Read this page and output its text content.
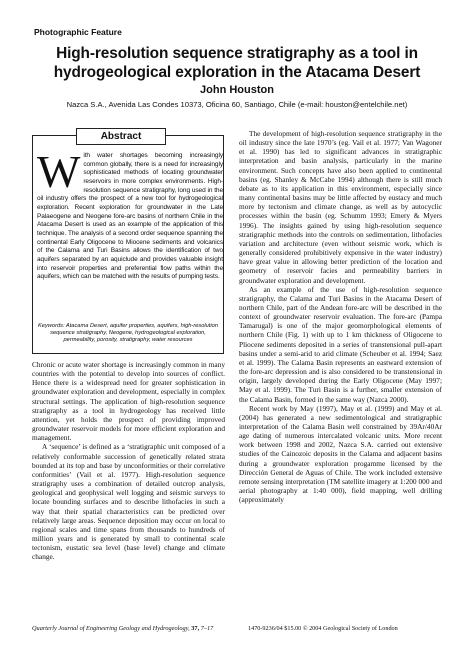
Photographic Feature
High-resolution sequence stratigraphy as a tool in hydrogeological exploration in the Atacama Desert
John Houston
Nazca S.A., Avenida Las Condes 10373, Oficina 60, Santiago, Chile (e-mail: houston@entelchile.net)
Abstract
With water shortages becoming increasingly common globally, there is a need for increasingly sophisticated methods of locating groundwater reservoirs in more complex environments. High-resolution sequence stratigraphy, long used in the oil industry offers the prospect of a new tool for hydrogeological exploration. Recent exploration for groundwater in the Late Palaeogene and Neogene fore-arc basins of northern Chile in the Atacama Desert is used as an example of the application of this technique. The analysis of a second order sequence spanning the continental Early Oligocene to Miocene sediments and volcanics of the Calama and Turi Basins allows the identification of two aquifers separated by an aquiclude and provides valuable insight into reservoir properties and preferential flow paths within the aquifers, which can be matched with the results of pumping tests.
Keywords: Atacama Desert, aquifer properties, aquifers, high-resolution sequence stratigraphy, Neogene, hydrogeological exploration, permeability, porosity, stratigraphy, water resources

Chronic or acute water shortage is increasingly common in many countries with the potential to develop into sources of conflict. Hence there is a widespread need for greater sophistication in groundwater exploration and development, especially in complex structural settings. The application of high-resolution sequence stratigraphy as a tool in hydrogeology has received little attention, yet holds the prospect of providing improved groundwater reservoir models for more efficient exploration and management.

A ‘sequence’ is defined as a ‘stratigraphic unit composed of a relatively conformable succession of genetically related strata bounded at its top and base by unconformities or their correlative conformities’ (Vail et al. 1977). High-resolution sequence stratigraphy uses a combination of detailed outcrop analysis, geological and geophysical well logging and seismic surveys to locate bounding surfaces and to describe lithofacies in such a way that their spatial characteristics can be predicted over relatively large areas. Sequence deposition may occur on local to regional scales and time spans from thousands to hundreds of million years and is generated by small to continental scale tectonism, eustatic sea level (base level) change and climate change.

The development of high-resolution sequence stratigraphy in the oil industry since the late 1970’s (eg. Vail et al. 1977; Van Wagoner et al. 1990) has led to significant advances in stratigraphic interpretation and basin analysis, particularly in the marine environment. Such concepts have also been applied to continental basins (eg. Shanley & McCabe 1994) although there is still much debate as to its application in this environment, especially since many continental basins may be little affected by eustacy and much more by tectonism and climate change, as well as by autocyclic processes within the basin (eg. Schumm 1993; Emery & Myers 1996). The insights gained by using high-resolution sequence stratigraphic methods into the controls on sedimentation, lithofacies variation and architecture (even without seismic work, which is generally considered prohibitively expensive in the water industry) have great value in allowing better prediction of the location and geometry of reservoir facies and permeability barriers in groundwater exploration and development.

As an example of the use of high-resolution sequence stratigraphy, the Calama and Turi Basins in the Atacama Desert of northern Chile, part of the Andean fore-arc will be described in the context of groundwater reservoir evaluation. The fore-arc (Pampa Tamarugal) is one of the major geomorphological elements of northern Chile (Fig. 1) with up to 1 km thickness of Oligocene to Pliocene sediments deposited in a series of transtensional pull-apart basins under a semi-arid to arid climate (Scheuber et al. 1994; Saez et al. 1999). The Calama Basin represents an eastward extension of the fore-arc depression and is also considered to be transtensional in origin, largely developed during the Early Oligocene (May 1997; May et al. 1999). The Turi Basin is a further, smaller extension of the Calama Basin, formed in the same way (Nazca 2000).

Recent work by May (1997), May et al. (1999) and May et al. (2004) has generated a new sedimentological and stratigraphic interpretation of the Calama Basin well constrained by 39Ar/40Ar age dating of numerous intercalated volcanic units. More recent work between 1998 and 2002, Nazca S.A. carried out extensive studies of the Cainozoic deposits in the Calama and adjacent basins during a groundwater exploration progamme licensed by the Dirección General de Aguas of Chile. The work included extensive remote sensing interpretation (TM satellite imagery at 1:200 000 and aerial photography at 1:40 000), field mapping, well drilling (approximately

Quarterly Journal of Engineering Geology and Hydrogeology, 37, 7–17	1470-9236/04 $15.00 © 2004 Geological Society of London
